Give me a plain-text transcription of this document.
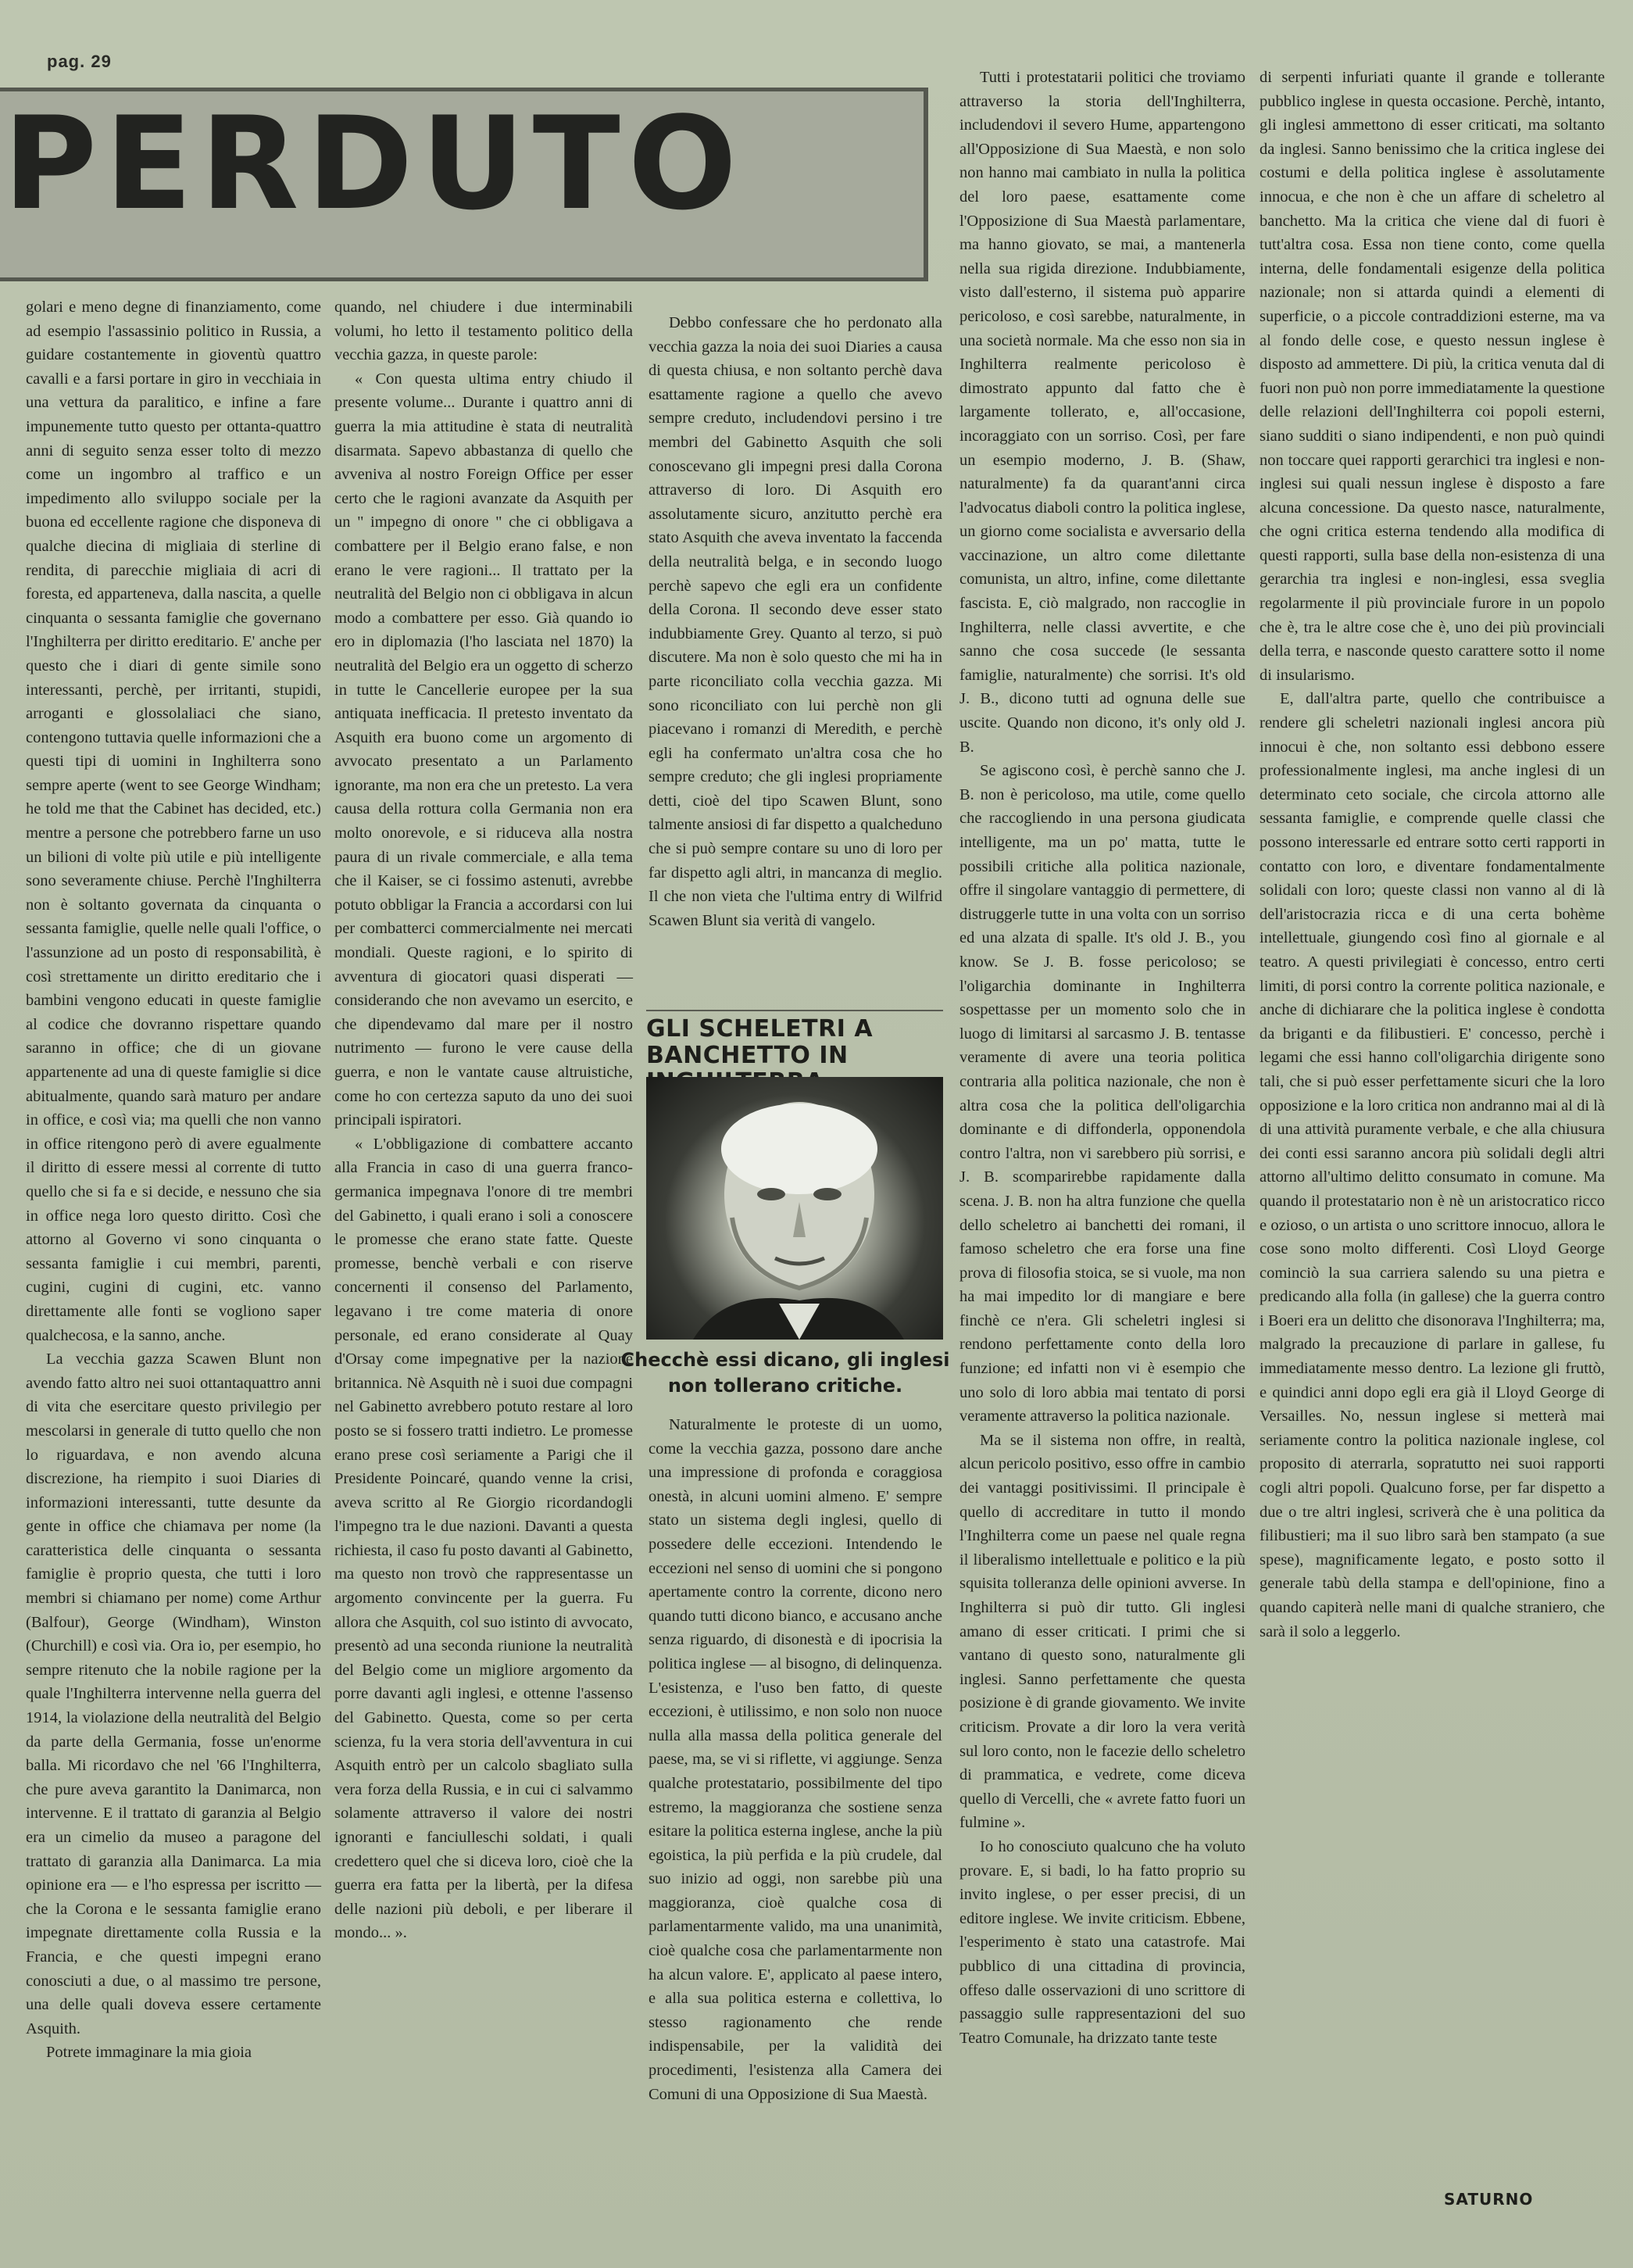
pag. 29
PERDUTO

golari e meno degne di finanziamento, come ad esempio l'assassinio politico in Russia, a guidare costantemente in gioventù quattro cavalli e a farsi portare in giro in vecchiaia in una vettura da paralitico, e infine a fare impunemente tutto questo per ottanta-quattro anni di seguito senza esser tolto di mezzo come un ingombro al traffico e un impedimento allo sviluppo sociale per la buona ed eccellente ragione che disponeva di qualche diecina di migliaia di sterline di rendita, di parecchie migliaia di acri di foresta, ed apparteneva, dalla nascita, a quelle cinquanta o sessanta famiglie che governano l'Inghilterra per diritto ereditario. E' anche per questo che i diari di gente simile sono interessanti, perchè, per irritanti, stupidi, arroganti e glossolaliaci che siano, contengono tuttavia quelle informazioni che a questi tipi di uomini in Inghilterra sono sempre aperte (went to see George Windham; he told me that the Cabinet has decided, etc.) mentre a persone che potrebbero farne un uso un bilioni di volte più utile e più intelligente sono severamente chiuse. Perchè l'Inghilterra non è soltanto governata da cinquanta o sessanta famiglie, quelle nelle quali l'office, o l'assunzione ad un posto di responsabilità, è così strettamente un diritto ereditario che i bambini vengono educati in queste famiglie al codice che dovranno rispettare quando saranno in office; che di un giovane appartenente ad una di queste famiglie si dice abitualmente, quando sarà maturo per andare in office, e così via; ma quelli che non vanno in office ritengono però di avere egualmente il diritto di essere messi al corrente di tutto quello che si fa e si decide, e nessuno che sia in office nega loro questo diritto. Così che attorno al Governo vi sono cinquanta o sessanta famiglie i cui membri, parenti, cugini, cugini di cugini, etc. vanno direttamente alle fonti se vogliono saper qualchecosa, e la sanno, anche.

La vecchia gazza Scawen Blunt non avendo fatto altro nei suoi ottantaquattro anni di vita che esercitare questo privilegio per mescolarsi in generale di tutto quello che non lo riguardava, e non avendo alcuna discrezione, ha riempito i suoi Diaries di informazioni interessanti, tutte desunte da gente in office che chiamava per nome (la caratteristica delle cinquanta o sessanta famiglie è proprio questa, che tutti i loro membri si chiamano per nome) come Arthur (Balfour), George (Windham), Winston (Churchill) e così via. Ora io, per esempio, ho sempre ritenuto che la nobile ragione per la quale l'Inghilterra intervenne nella guerra del 1914, la violazione della neutralità del Belgio da parte della Germania, fosse un'enorme balla. Mi ricordavo che nel '66 l'Inghilterra, che pure aveva garantito la Danimarca, non intervenne. E il trattato di garanzia al Belgio era un cimelio da museo a paragone del trattato di garanzia alla Danimarca. La mia opinione era — e l'ho espressa per iscritto — che la Corona e le sessanta famiglie erano impegnate direttamente colla Russia e la Francia, e che questi impegni erano conosciuti a due, o al massimo tre persone, una delle quali doveva essere certamente Asquith.

Potrete immaginare la mia gioia

quando, nel chiudere i due interminabili volumi, ho letto il testamento politico della vecchia gazza, in queste parole:

« Con questa ultima entry chiudo il presente volume... Durante i quattro anni di guerra la mia attitudine è stata di neutralità disarmata. Sapevo abbastanza di quello che avveniva al nostro Foreign Office per esser certo che le ragioni avanzate da Asquith per un " impegno di onore " che ci obbligava a combattere per il Belgio erano false, e non erano le vere ragioni... Il trattato per la neutralità del Belgio non ci obbligava in alcun modo a combattere per esso. Già quando io ero in diplomazia (l'ho lasciata nel 1870) la neutralità del Belgio era un oggetto di scherzo in tutte le Cancellerie europee per la sua antiquata inefficacia. Il pretesto inventato da Asquith era buono come un argomento di avvocato presentato a un Parlamento ignorante, ma non era che un pretesto. La vera causa della rottura colla Germania non era molto onorevole, e si riduceva alla nostra paura di un rivale commerciale, e alla tema che il Kaiser, se ci fossimo astenuti, avrebbe potuto obbligar la Francia a accordarsi con lui per combatterci commercialmente nei mercati mondiali. Queste ragioni, e lo spirito di avventura di giocatori quasi disperati — considerando che non avevamo un esercito, e che dipendevamo dal mare per il nostro nutrimento — furono le vere cause della guerra, e non le vantate cause altruistiche, come ho con certezza saputo da uno dei suoi principali ispiratori.

« L'obbligazione di combattere accanto alla Francia in caso di una guerra franco-germanica impegnava l'onore di tre membri del Gabinetto, i quali erano i soli a conoscere le promesse che erano state fatte. Queste promesse, benchè verbali e con riserve concernenti il consenso del Parlamento, legavano i tre come materia di onore personale, ed erano considerate al Quay d'Orsay come impegnative per la nazione britannica. Nè Asquith nè i suoi due compagni nel Gabinetto avrebbero potuto restare al loro posto se si fossero tratti indietro. Le promesse erano prese così seriamente a Parigi che il Presidente Poincaré, quando venne la crisi, aveva scritto al Re Giorgio ricordandogli l'impegno tra le due nazioni. Davanti a questa richiesta, il caso fu posto davanti al Gabinetto, ma questo non trovò che rappresentasse un argomento convincente per la guerra. Fu allora che Asquith, col suo istinto di avvocato, presentò ad una seconda riunione la neutralità del Belgio come un migliore argomento da porre davanti agli inglesi, e ottenne l'assenso del Gabinetto. Questa, come so per certa scienza, fu la vera storia dell'avventura in cui Asquith entrò per un calcolo sbagliato sulla vera forza della Russia, e in cui ci salvammo solamente attraverso il valore dei nostri ignoranti e fanciulleschi soldati, i quali credettero quel che si diceva loro, cioè che la guerra era fatta per la libertà, per la difesa delle nazioni più deboli, e per liberare il mondo... ».

Debbo confessare che ho perdonato alla vecchia gazza la noia dei suoi Diaries a causa di questa chiusa, e non soltanto perchè dava esattamente ragione a quello che avevo sempre creduto, includendovi persino i tre membri del Gabinetto Asquith che soli conoscevano gli impegni presi dalla Corona attraverso di loro. Di Asquith ero assolutamente sicuro, anzitutto perchè era stato Asquith che aveva inventato la faccenda della neutralità belga, e in secondo luogo perchè sapevo che egli era un confidente della Corona. Il secondo deve esser stato indubbiamente Grey. Quanto al terzo, si può discutere. Ma non è solo questo che mi ha in parte riconciliato colla vecchia gazza. Mi sono riconciliato con lui perchè non gli piacevano i romanzi di Meredith, e perchè egli ha confermato un'altra cosa che ho sempre creduto; che gli inglesi propriamente detti, cioè del tipo Scawen Blunt, sono talmente ansiosi di far dispetto a qualcheduno che si può sempre contare su uno di loro per far dispetto agli altri, in mancanza di meglio. Il che non vieta che l'ultima entry di Wilfrid Scawen Blunt sia verità di vangelo.

GLI SCHELETRI A BANCHETTO IN
Checchè essi dicano, gli inglesi non tollerano critiche.

Naturalmente le proteste di un uomo, come la vecchia gazza, possono dare anche una impressione di profonda e coraggiosa onestà, in alcuni uomini almeno. E' sempre stato un sistema degli inglesi, quello di possedere delle eccezioni. Intendendo le eccezioni nel senso di uomini che si pongono apertamente contro la corrente, dicono nero quando tutti dicono bianco, e accusano anche senza riguardo, di disonestà e di ipocrisia la politica inglese — al bisogno, di delinquenza. L'esistenza, e l'uso ben fatto, di queste eccezioni, è utilissimo, e non solo non nuoce nulla alla massa della politica generale del paese, ma, se vi si riflette, vi aggiunge. Senza qualche protestatario, possibilmente del tipo estremo, la maggioranza che sostiene senza esitare la politica esterna inglese, anche la più egoistica, la più perfida e la più crudele, dal suo inizio ad oggi, non sarebbe più una maggioranza, cioè qualche cosa di parlamentarmente valido, ma una unanimità, cioè qualche cosa che parlamentarmente non ha alcun valore. E', applicato al paese intero, e alla sua politica esterna e collettiva, lo stesso ragionamento che rende indispensabile, per la validità dei procedimenti, l'esistenza alla Camera dei Comuni di una Opposizione di Sua Maestà.

Tutti i protestatarii politici che troviamo attraverso la storia dell'Inghilterra, includendovi il severo Hume, appartengono all'Opposizione di Sua Maestà, e non solo non hanno mai cambiato in nulla la politica del loro paese, esattamente come l'Opposizione di Sua Maestà parlamentare, ma hanno giovato, se mai, a mantenerla nella sua rigida direzione. Indubbiamente, visto dall'esterno, il sistema può apparire pericoloso, e così sarebbe, naturalmente, in una società normale. Ma che esso non sia in Inghilterra realmente pericoloso è dimostrato appunto dal fatto che è largamente tollerato, e, all'occasione, incoraggiato con un sorriso. Così, per fare un esempio moderno, J. B. (Shaw, naturalmente) fa da quarant'anni circa l'advocatus diaboli contro la politica inglese, un giorno come socialista e avversario della vaccinazione, un altro come dilettante comunista, un altro, infine, come dilettante fascista. E, ciò malgrado, non raccoglie in Inghilterra, nelle classi avvertite, e che sanno che cosa succede (le sessanta famiglie, naturalmente) che sorrisi. It's old J. B., dicono tutti ad ognuna delle sue uscite. Quando non dicono, it's only old J. B.

Se agiscono così, è perchè sanno che J. B. non è pericoloso, ma utile, come quello che raccogliendo in una persona giudicata intelligente, ma un po' matta, tutte le possibili critiche alla politica nazionale, offre il singolare vantaggio di permettere, di distruggerle tutte in una volta con un sorriso ed una alzata di spalle. It's old J. B., you know. Se J. B. fosse pericoloso; se l'oligarchia dominante in Inghilterra sospettasse per un momento solo che in luogo di limitarsi al sarcasmo J. B. tentasse veramente di avere una teoria politica contraria alla politica nazionale, che non è altra cosa che la politica dell'oligarchia dominante e di diffonderla, opponendola contro l'altra, non vi sarebbero più sorrisi, e J. B. scomparirebbe rapidamente dalla scena. J. B. non ha altra funzione che quella dello scheletro ai banchetti dei romani, il famoso scheletro che era forse una fine prova di filosofia stoica, se si vuole, ma non ha mai impedito lor di mangiare e bere finchè ce n'era. Gli scheletri inglesi si rendono perfettamente conto della loro funzione; ed infatti non vi è esempio che uno solo di loro abbia mai tentato di porsi veramente attraverso la politica nazionale.

Ma se il sistema non offre, in realtà, alcun pericolo positivo, esso offre in cambio dei vantaggi positivissimi. Il principale è quello di accreditare in tutto il mondo l'Inghilterra come un paese nel quale regna il liberalismo intellettuale e politico e la più squisita tolleranza delle opinioni avverse. In Inghilterra si può dir tutto. Gli inglesi amano di esser criticati. I primi che si vantano di questo sono, naturalmente gli inglesi. Sanno perfettamente che questa posizione è di grande giovamento. We invite criticism. Provate a dir loro la vera verità sul loro conto, non le facezie dello scheletro di prammatica, e vedrete, come diceva quello di Vercelli, che « avrete fatto fuori un fulmine ».

Io ho conosciuto qualcuno che ha voluto provare. E, si badi, lo ha fatto proprio su invito inglese, o per esser precisi, di un editore inglese. We invite criticism. Ebbene, l'esperimento è stato una catastrofe. Mai pubblico di una cittadina di provincia, offeso dalle osservazioni di uno scrittore di passaggio sulle rappresentazioni del suo Teatro Comunale, ha drizzato tante teste

di serpenti infuriati quante il grande e tollerante pubblico inglese in questa occasione. Perchè, intanto, gli inglesi ammettono di esser criticati, ma soltanto da inglesi. Sanno benissimo che la critica inglese dei costumi e della politica inglese è assolutamente innocua, e che non è che un affare di scheletro al banchetto. Ma la critica che viene dal di fuori è tutt'altra cosa. Essa non tiene conto, come quella interna, delle fondamentali esigenze della politica nazionale; non si attarda quindi a elementi di superficie, o a piccole contraddizioni esterne, ma va al fondo delle cose, e questo nessun inglese è disposto ad ammettere. Di più, la critica venuta dal di fuori non può non porre immediatamente la questione delle relazioni dell'Inghilterra coi popoli esterni, siano sudditi o siano indipendenti, e non può quindi non toccare quei rapporti gerarchici tra inglesi e non-inglesi sui quali nessun inglese è disposto a fare alcuna concessione. Da questo nasce, naturalmente, che ogni critica esterna tendendo alla modifica di questi rapporti, sulla base della non-esistenza di una gerarchia tra inglesi e non-inglesi, essa sveglia regolarmente il più provinciale furore in un popolo che è, tra le altre cose che è, uno dei più provinciali della terra, e nasconde questo carattere sotto il nome di insularismo.

E, dall'altra parte, quello che contribuisce a rendere gli scheletri nazionali inglesi ancora più innocui è che, non soltanto essi debbono essere professionalmente inglesi, ma anche inglesi di un determinato ceto sociale, che circola attorno alle sessanta famiglie, e comprende quelle classi che possono interessarle ed entrare sotto certi rapporti in contatto con loro, e diventare fondamentalmente solidali con loro; queste classi non vanno al di là dell'aristocrazia ricca e di una certa bohème intellettuale, giungendo così fino al giornale e al teatro. A questi privilegiati è concesso, entro certi limiti, di porsi contro la corrente politica nazionale, e anche di dichiarare che la politica inglese è condotta da briganti e da filibustieri. E' concesso, perchè i legami che essi hanno coll'oligarchia dirigente sono tali, che si può esser perfettamente sicuri che la loro opposizione e la loro critica non andranno mai al di là di una attività puramente verbale, e che alla chiusura dei conti essi saranno ancora più solidali degli altri attorno all'ultimo delitto consumato in comune. Ma quando il protestatario non è nè un aristocratico ricco e ozioso, o un artista o uno scrittore innocuo, allora le cose sono molto differenti. Così Lloyd George cominciò la sua carriera salendo su una pietra e predicando alla folla (in gallese) che la guerra contro i Boeri era un delitto che disonorava l'Inghilterra; ma, malgrado la precauzione di parlare in gallese, fu immediatamente messo dentro. La lezione gli fruttò, e quindici anni dopo egli era già il Lloyd George di Versailles. No, nessun inglese si metterà mai seriamente contro la politica nazionale inglese, col proposito di aterrarla, sopratutto nei suoi rapporti cogli altri popoli. Qualcuno forse, per far dispetto a due o tre altri inglesi, scriverà che è una politica da filibustieri; ma il suo libro sarà ben stampato (a sue spese), magnificamente legato, e posto sotto il generale tabù della stampa e dell'opinione, fino a quando capiterà nelle mani di qualche straniero, che sarà il solo a leggerlo.

SATURNO
